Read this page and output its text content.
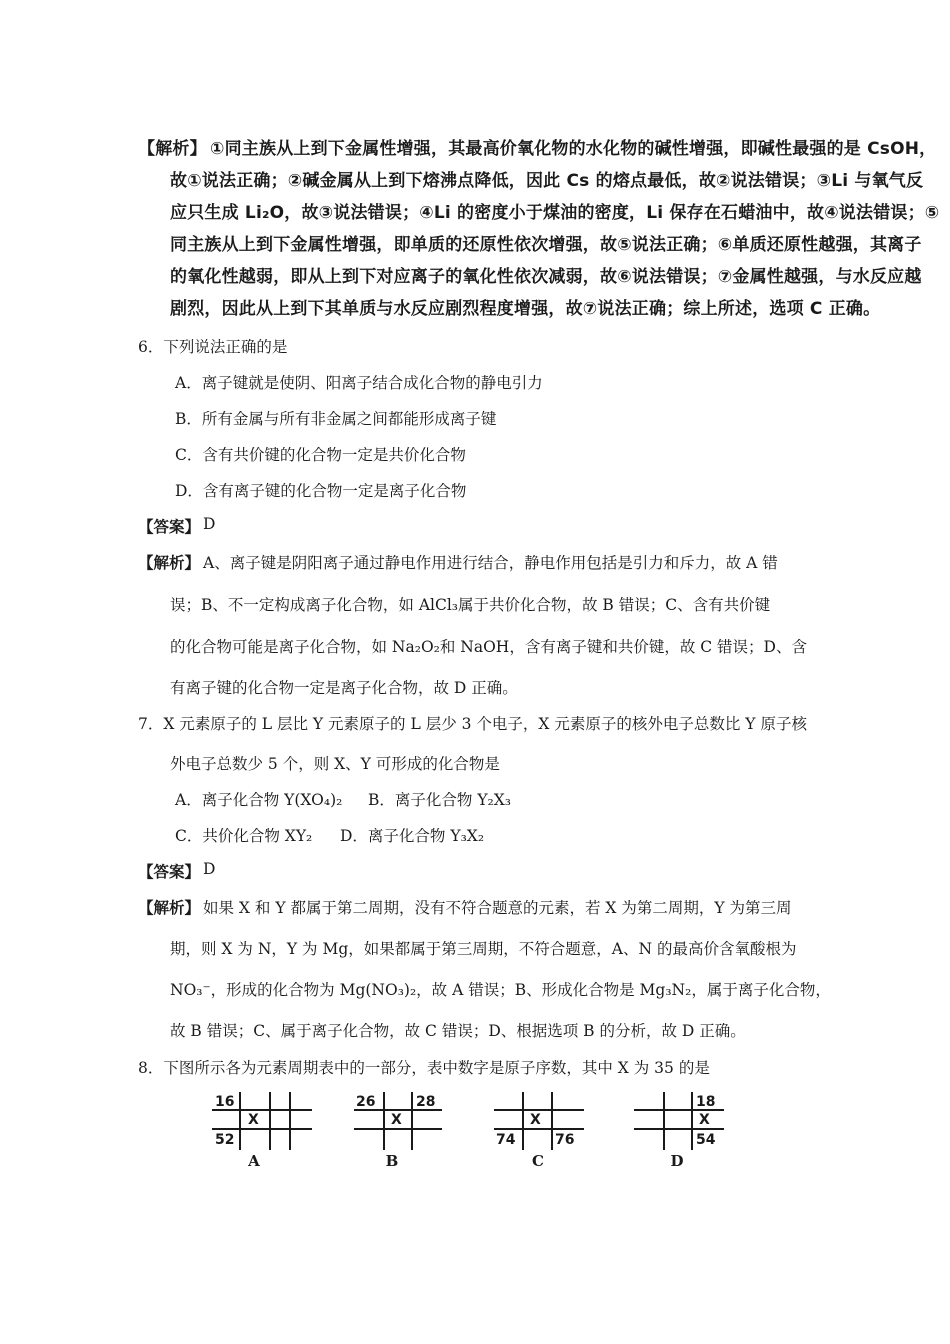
【解析】 ①同主族从上到下金属性增强，其最高价氧化物的水化物的碱性增强，即碱性最强的是 CsOH，
故①说法正确；②碱金属从上到下熔沸点降低，因此 Cs 的熔点最低，故②说法错误；③Li 与氧气反
应只生成 Li₂O，故③说法错误；④Li 的密度小于煤油的密度，Li 保存在石蜡油中，故④说法错误；⑤
同主族从上到下金属性增强，即单质的还原性依次增强，故⑤说法正确；⑥单质还原性越强，其离子
的氧化性越弱，即从上到下对应离子的氧化性依次减弱，故⑥说法错误；⑦金属性越强，与水反应越
剧烈，因此从上到下其单质与水反应剧烈程度增强，故⑦说法正确；综上所述，选项 C 正确。
6．下列说法正确的是
A．离子键就是使阴、阳离子结合成化合物的静电引力
B．所有金属与所有非金属之间都能形成离子键
C．含有共价键的化合物一定是共价化合物
D．含有离子键的化合物一定是离子化合物
【答案】 D
【解析】 A、离子键是阴阳离子通过静电作用进行结合，静电作用包括是引力和斥力，故 A 错
误；B、不一定构成离子化合物，如 AlCl₃属于共价化合物，故 B 错误；C、含有共价键
的化合物可能是离子化合物，如 Na₂O₂和 NaOH，含有离子键和共价键，故 C 错误；D、含
有离子键的化合物一定是离子化合物，故 D 正确。
7．X 元素原子的 L 层比 Y 元素原子的 L 层少 3 个电子，X 元素原子的核外电子总数比 Y 原子核
外电子总数少 5 个，则 X、Y 可形成的化合物是
A．离子化合物 Y(XO₄)₂ B．离子化合物 Y₂X₃
C．共价化合物 XY₂ D．离子化合物 Y₃X₂
【答案】 D
【解析】 如果 X 和 Y 都属于第二周期，没有不符合题意的元素，若 X 为第二周期，Y 为第三周
期，则 X 为 N，Y 为 Mg，如果都属于第三周期，不符合题意，A、N 的最高价含氧酸根为
NO₃⁻，形成的化合物为 Mg(NO₃)₂，故 A 错误；B、形成化合物是 Mg₃N₂，属于离子化合物，
故 B 错误；C、属于离子化合物，故 C 错误；D、根据选项 B 的分析，故 D 正确。
8．下图所示各为元素周期表中的一部分，表中数字是原子序数，其中 X 为 35 的是
16
X
52
A
26
X
28
B
X
74	76
C
18
X
54
D
